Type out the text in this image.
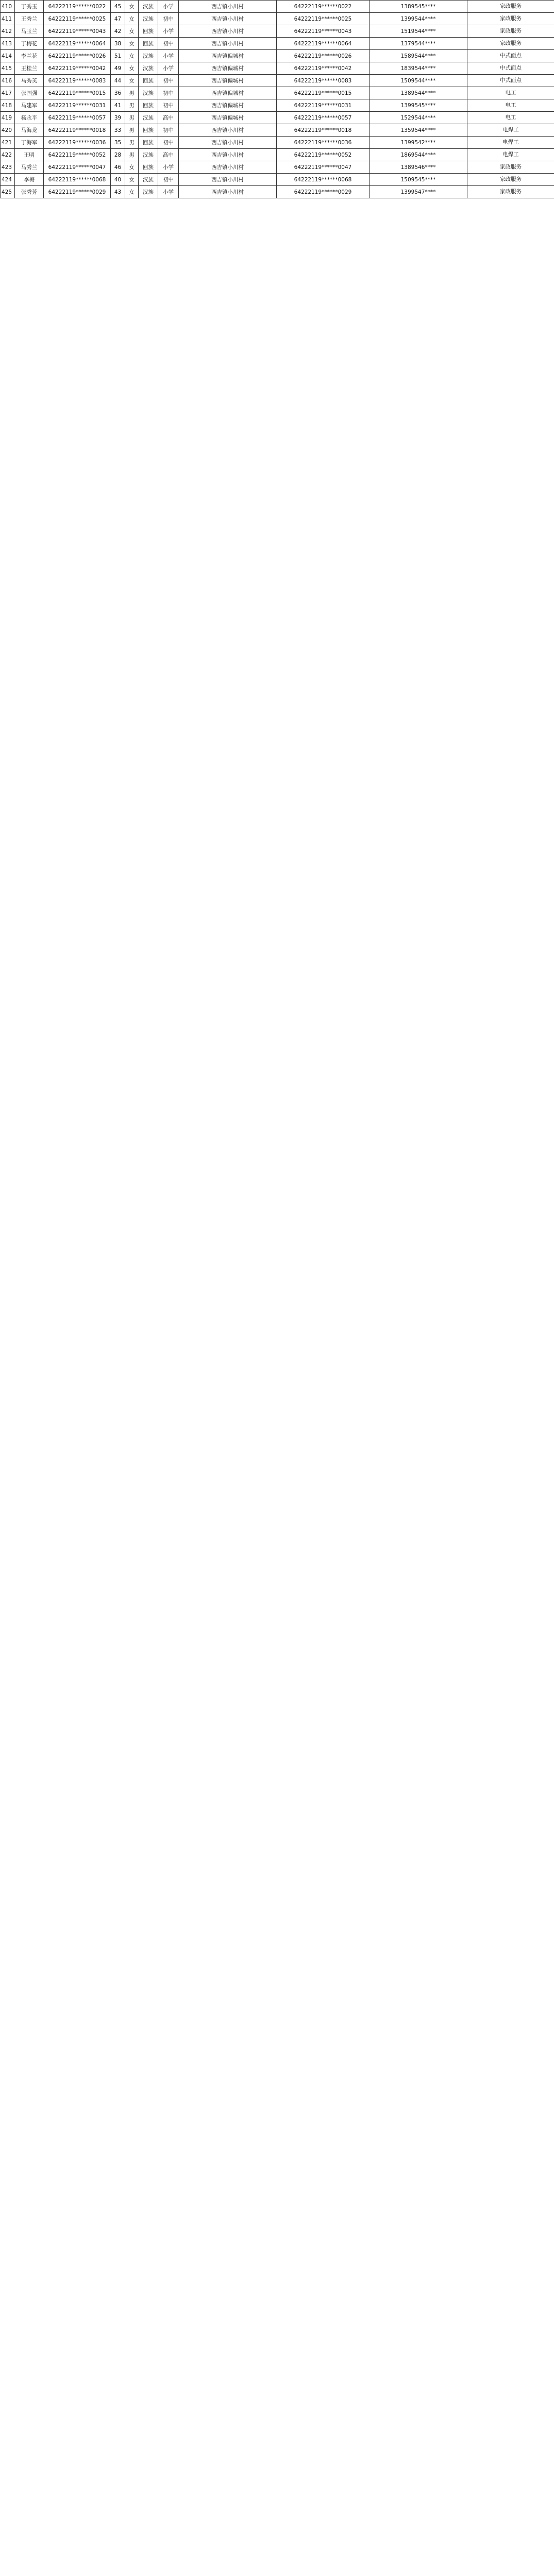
410	丁秀玉	64222119******0022	45	女	汉族	小学	西吉镇小川村	64222119******0022	1389545****	家政服务
411	王秀兰	64222119******0025	47	女	汉族	初中	西吉镇小川村	64222119******0025	1399544****	家政服务
412	马玉兰	64222119******0043	42	女	回族	小学	西吉镇小川村	64222119******0043	1519544****	家政服务
413	丁梅花	64222119******0064	38	女	回族	初中	西吉镇小川村	64222119******0064	1379544****	家政服务
414	李兰花	64222119******0026	51	女	汉族	小学	西吉镇偏城村	64222119******0026	1589544****	中式面点
415	王桂兰	64222119******0042	49	女	汉族	小学	西吉镇偏城村	64222119******0042	1839544****	中式面点
416	马秀英	64222119******0083	44	女	回族	初中	西吉镇偏城村	64222119******0083	1509544****	中式面点
417	张国强	64222119******0015	36	男	汉族	初中	西吉镇偏城村	64222119******0015	1389544****	电工
418	马建军	64222119******0031	41	男	回族	初中	西吉镇偏城村	64222119******0031	1399545****	电工
419	杨永平	64222119******0057	39	男	汉族	高中	西吉镇偏城村	64222119******0057	1529544****	电工
420	马海龙	64222119******0018	33	男	回族	初中	西吉镇小川村	64222119******0018	1359544****	电焊工
421	丁海军	64222119******0036	35	男	回族	初中	西吉镇小川村	64222119******0036	1399542****	电焊工
422	王明	64222119******0052	28	男	汉族	高中	西吉镇小川村	64222119******0052	1869544****	电焊工
423	马秀兰	64222119******0047	46	女	回族	小学	西吉镇小川村	64222119******0047	1389546****	家政服务
424	李梅	64222119******0068	40	女	汉族	初中	西吉镇小川村	64222119******0068	1509545****	家政服务
425	张秀芳	64222119******0029	43	女	汉族	小学	西吉镇小川村	64222119******0029	1399547****	家政服务
